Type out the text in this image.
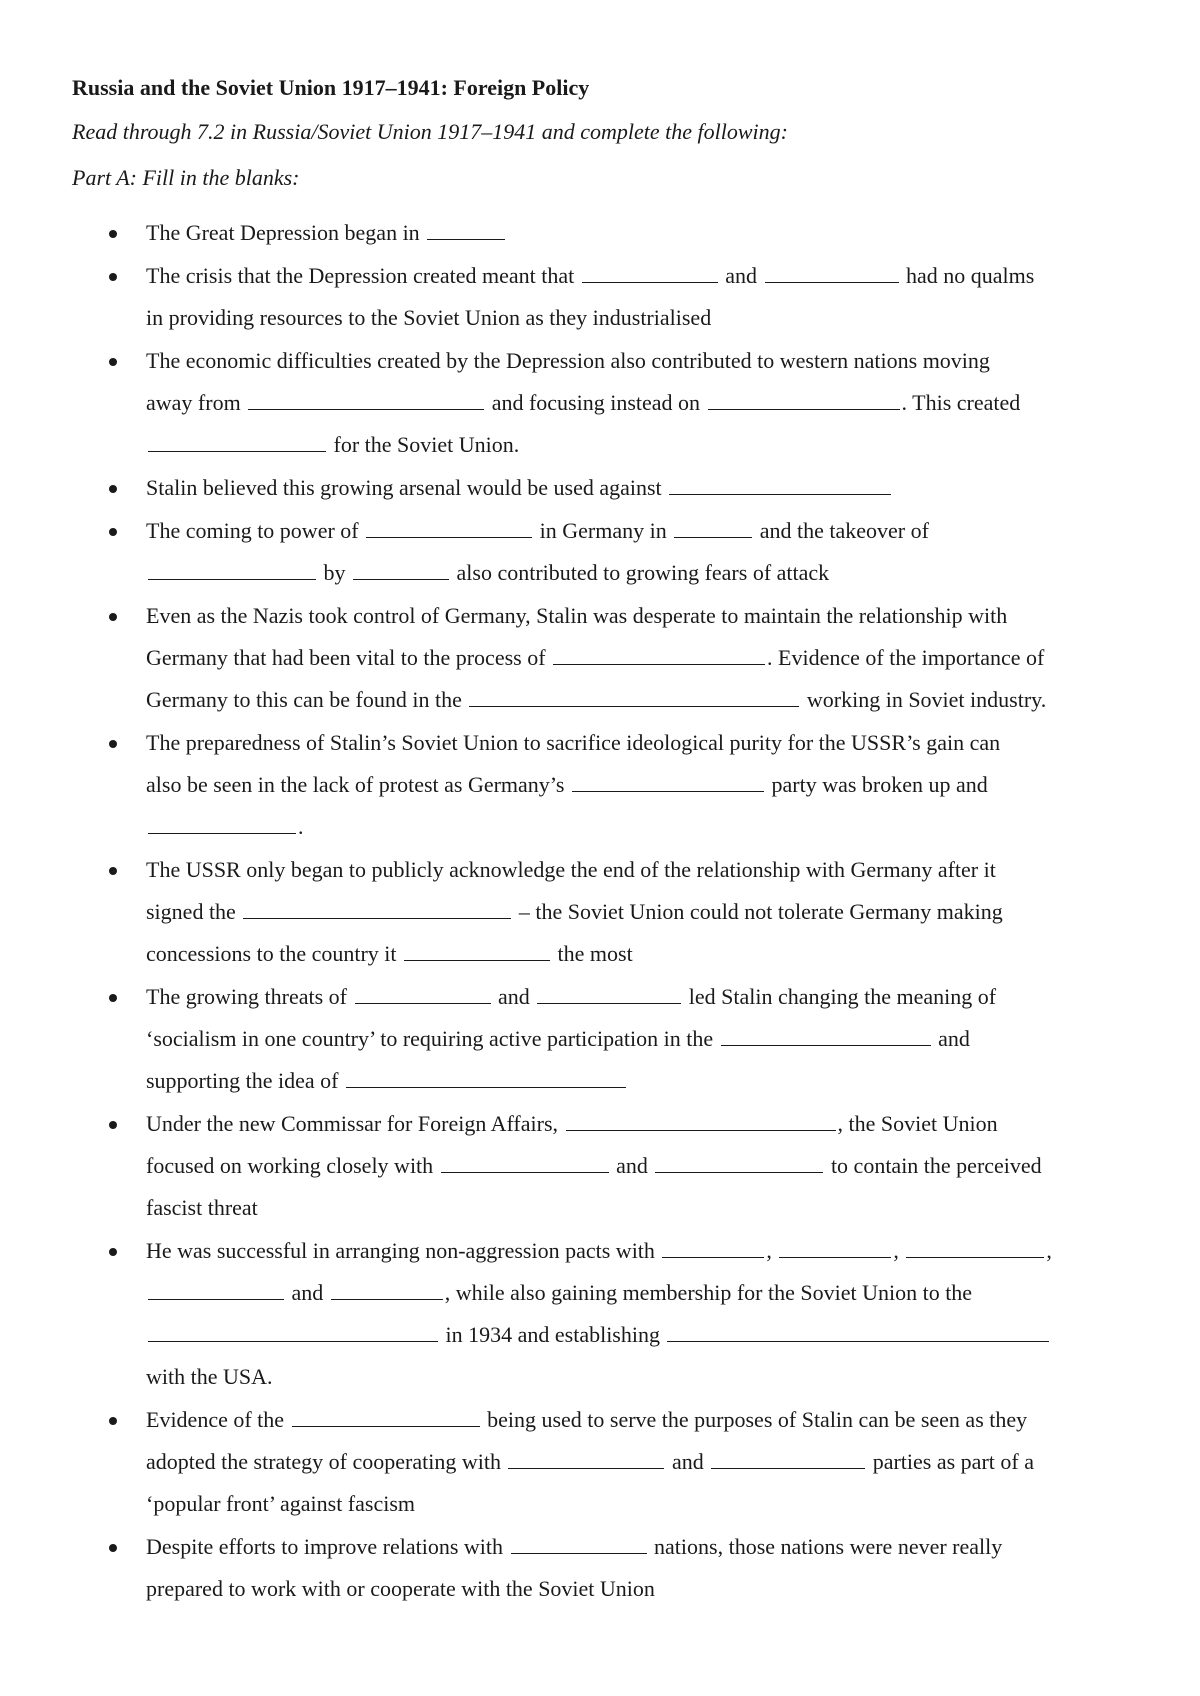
Russia and the Soviet Union 1917–1941: Foreign Policy
Read through 7.2 in Russia/Soviet Union 1917–1941 and complete the following:
Part A: Fill in the blanks:
The Great Depression began in
The crisis that the Depression created meant that	and	had no qualms
in providing resources to the Soviet Union as they industrialised
The economic difficulties created by the Depression also contributed to western nations moving
away from	and focusing instead on	. This created
for the Soviet Union.
Stalin believed this growing arsenal would be used against
The coming to power of	in Germany in	and the takeover of
by	also contributed to growing fears of attack
Even as the Nazis took control of Germany, Stalin was desperate to maintain the relationship with
Germany that had been vital to the process of	. Evidence of the importance of
Germany to this can be found in the	working in Soviet industry.
The preparedness of Stalin’s Soviet Union to sacrifice ideological purity for the USSR’s gain can
also be seen in the lack of protest as Germany’s	party was broken up and
.
The USSR only began to publicly acknowledge the end of the relationship with Germany after it
signed the	– the Soviet Union could not tolerate Germany making
concessions to the country it	the most
The growing threats of	and	led Stalin changing the meaning of
‘socialism in one country’ to requiring active participation in the	and
supporting the idea of
Under the new Commissar for Foreign Affairs,	, the Soviet Union
focused on working closely with	and	to contain the perceived
fascist threat
He was successful in arranging non-aggression pacts with	,	,	,
and	, while also gaining membership for the Soviet Union to the
in 1934 and establishing
with the USA.
Evidence of the	being used to serve the purposes of Stalin can be seen as they
adopted the strategy of cooperating with	and	parties as part of a
‘popular front’ against fascism
Despite efforts to improve relations with	nations, those nations were never really
prepared to work with or cooperate with the Soviet Union
